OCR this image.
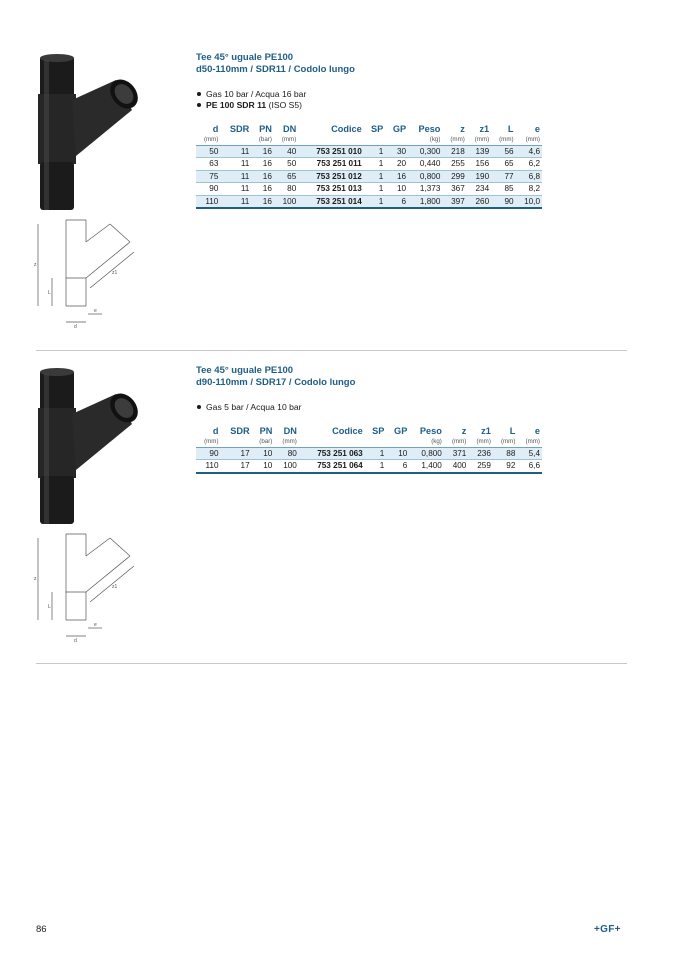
z
L
z1
d
e
Tee 45° uguale PE100
d50-110mm / SDR11 / Codolo lungo
Gas 10 bar / Acqua 16 bar
PE 100 SDR 11 (ISO S5)
d	SDR	PN	DN	Codice	SP	GP	Peso	z	z1	L	e
(mm)		(bar)	(mm)				(kg)	(mm)	(mm)	(mm)	(mm)
50	11	16	40	753 251 010	1	30	0,300	218	139	56	4,6
63	11	16	50	753 251 011	1	20	0,440	255	156	65	6,2
75	11	16	65	753 251 012	1	16	0,800	299	190	77	6,8
90	11	16	80	753 251 013	1	10	1,373	367	234	85	8,2
110	11	16	100	753 251 014	1	6	1,800	397	260	90	10,0
z
L
z1
d
e
Tee 45° uguale PE100
d90-110mm / SDR17 / Codolo lungo
Gas 5 bar / Acqua 10 bar
d	SDR	PN	DN	Codice	SP	GP	Peso	z	z1	L	e
(mm)		(bar)	(mm)				(kg)	(mm)	(mm)	(mm)	(mm)
90	17	10	80	753 251 063	1	10	0,800	371	236	88	5,4
110	17	10	100	753 251 064	1	6	1,400	400	259	92	6,6
86	+GF+
